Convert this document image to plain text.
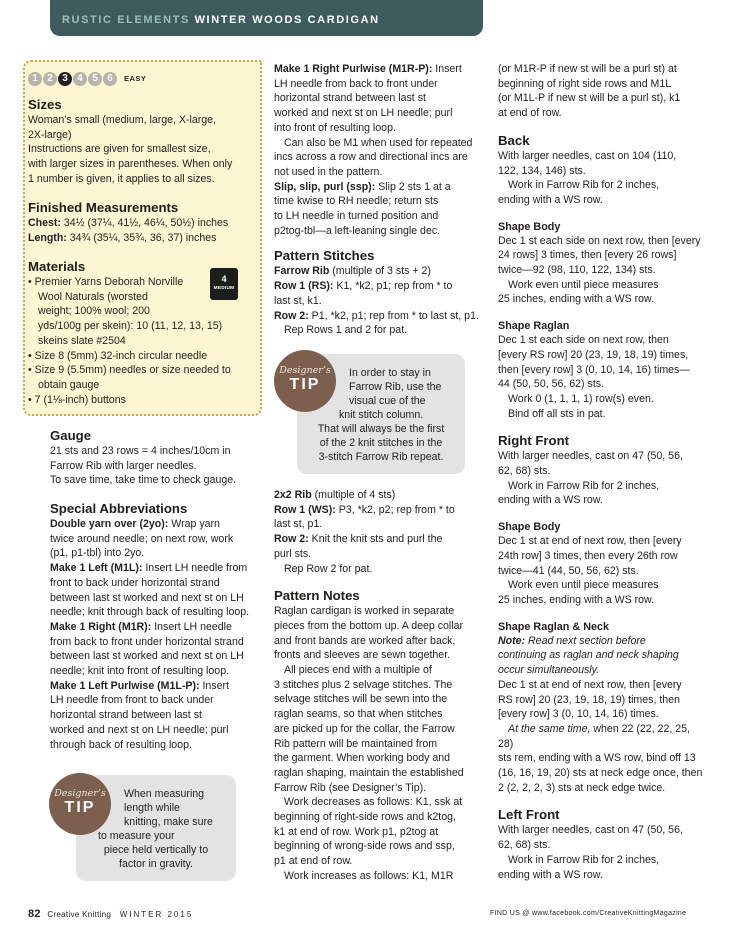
RUSTIC ELEMENTS WINTER WOODS CARDIGAN
1 2 3 4 5 6	EASY
Sizes

Woman’s small (medium, large, X-large,
2X-large)
Instructions are given for smallest size,
with larger sizes in parentheses. When only
1 number is given, it applies to all sizes.

Finished Measurements

Chest: 34½ (37¼, 41½, 46¼, 50½) inches

Length: 34¾ (35¼, 35¾, 36, 37) inches

Materials

• Premier Yarns Deborah Norville
Wool Naturals (worsted
weight; 100% wool; 200
yds/100g per skein): 10 (11, 12, 13, 15)
skeins slate #2504

• Size 8 (5mm) 32-inch circular needle

• Size 9 (5.5mm) needles or size needed to
obtain gauge

• 7 (1⅛-inch) buttons

4
MEDIUM
Gauge

21 sts and 23 rows = 4 inches/10cm in
Farrow Rib with larger needles.
To save time, take time to check gauge.

Special Abbreviations

Double yarn over (2yo): Wrap yarn
twice around needle; on next row, work
(p1, p1-tbl) into 2yo.

Make 1 Left (M1L): Insert LH needle from
front to back under horizontal strand
between last st worked and next st on LH
needle; knit through back of resulting loop.

Make 1 Right (M1R): Insert LH needle
from back to front under horizontal strand
between last st worked and next st on LH
needle; knit into front of resulting loop.

Make 1 Left Purlwise (M1L-P): Insert
LH needle from front to back under
horizontal strand between last st
worked and next st on LH needle; purl
through back of resulting loop.

When measuring
length while
knitting, make sure
to measure your
piece held vertically to
factor in gravity.
Designer’s
TIP

Make 1 Right Purlwise (M1R-P): Insert
LH needle from back to front under
horizontal strand between last st
worked and next st on LH needle; purl
into front of resulting loop.

Can also be M1 when used for repeated
incs across a row and directional incs are
not used in the pattern.

Slip, slip, purl (ssp): Slip 2 sts 1 at a
time kwise to RH needle; return sts
to LH needle in turned position and
p2tog-tbl—a left-leaning single dec.

Pattern Stitches

Farrow Rib (multiple of 3 sts + 2)

Row 1 (RS): K1, *k2, p1; rep from * to
last st, k1.

Row 2: P1, *k2, p1; rep from * to last st, p1.

Rep Rows 1 and 2 for pat.

In order to stay in
Farrow Rib, use the
visual cue of the
knit stitch column.
That will always be the first
of the 2 knit stitches in the
3-stitch Farrow Rib repeat.
Designer’s
TIP

2x2 Rib (multiple of 4 sts)

Row 1 (WS): P3, *k2, p2; rep from * to
last st, p1.

Row 2: Knit the knit sts and purl the
purl sts.

Rep Row 2 for pat.

Pattern Notes

Raglan cardigan is worked in separate
pieces from the bottom up. A deep collar
and front bands are worked after back,
fronts and sleeves are sewn together.

All pieces end with a multiple of
3 stitches plus 2 selvage stitches. The
selvage stitches will be sewn into the
raglan seams, so that when stitches
are picked up for the collar, the Farrow
Rib pattern will be maintained from
the garment. When working body and
raglan shaping, maintain the established
Farrow Rib (see Designer’s Tip).

Work decreases as follows: K1, ssk at
beginning of right-side rows and k2tog,
k1 at end of row. Work p1, p2tog at
beginning of wrong-side rows and ssp,
p1 at end of row.

Work increases as follows: K1, M1R

(or M1R-P if new st will be a purl st) at
beginning of right side rows and M1L
(or M1L-P if new st will be a purl st), k1
at end of row.

Back

With larger needles, cast on 104 (110,
122, 134, 146) sts.
Work in Farrow Rib for 2 inches,
ending with a WS row.

Shape Body

Dec 1 st each side on next row, then [every
24 rows] 3 times, then [every 26 rows]
twice—92 (98, 110, 122, 134) sts.
Work even until piece measures
25 inches, ending with a WS row.

Shape Raglan

Dec 1 st each side on next row, then
[every RS row] 20 (23, 19, 18, 19) times,
then [every row] 3 (0, 10, 14, 16) times—
44 (50, 50, 56, 62) sts.
Work 0 (1, 1, 1, 1) row(s) even.
Bind off all sts in pat.

Right Front

With larger needles, cast on 47 (50, 56,
62, 68) sts.
Work in Farrow Rib for 2 inches,
ending with a WS row.

Shape Body

Dec 1 st at end of next row, then [every
24th row] 3 times, then every 26th row
twice—41 (44, 50, 56, 62) sts.
Work even until piece measures
25 inches, ending with a WS row.

Shape Raglan & Neck

Note: Read next section before
continuing as raglan and neck shaping
occur simultaneously.

Dec 1 st at end of next row, then [every
RS row] 20 (23, 19, 18, 19) times, then
[every row] 3 (0, 10, 14, 16) times.
At the same time, when 22 (22, 22, 25, 28)
sts rem, ending with a WS row, bind off 13
(16, 16, 19, 20) sts at neck edge once, then
2 (2, 2, 2, 3) sts at neck edge twice.

Left Front

With larger needles, cast on 47 (50, 56,
62, 68) sts.
Work in Farrow Rib for 2 inches,
ending with a WS row.

82 Creative Knitting WINTER 2015	FIND US @ www.facebook.com/CreativeKnittingMagazine
